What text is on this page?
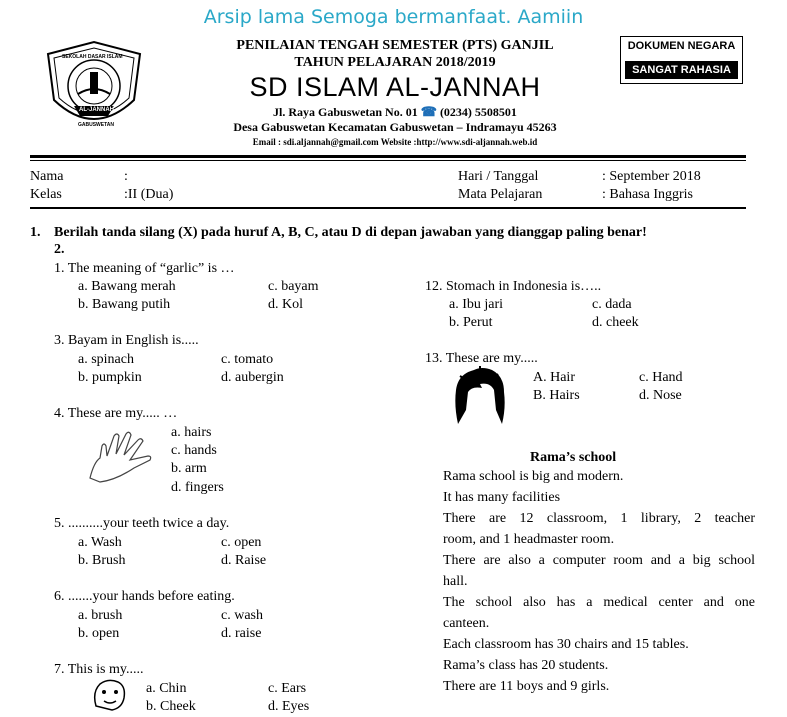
Arsip lama Semoga bermanfaat. Aamiin
SEKOLAH DASAR ISLAM
AL-JANNAH
GABUSWETAN
PENILAIAN TENGAH SEMESTER (PTS) GANJIL
TAHUN PELAJARAN 2018/2019
SD ISLAM AL-JANNAH
Jl. Raya Gabuswetan No. 01 ☎ (0234) 5508501
Desa Gabuswetan Kecamatan Gabuswetan – Indramayu 45263
Email : sdi.aljannah@gmail.com Website :http://www.sdi-aljannah.web.id
DOKUMEN NEGARA
SANGAT RAHASIA
Nama	:
Kelas	:II (Dua)
Hari / Tanggal	: September 2018
Mata Pelajaran	: Bahasa Inggris
1. Berilah tanda silang (X) pada huruf A, B, C, atau D di depan jawaban yang dianggap paling benar!
2.
1. The meaning of “garlic” is …
a. Bawang merah
b. Bawang putih
c. bayam
d. Kol
3. Bayam in English is.....
a. spinach
b. pumpkin
c. tomato
d. aubergin
4. These are my..... …
a. hairs
c. hands
b. arm
d. fingers
5. ..........your teeth twice a day.
a. Wash
b. Brush
c. open
d. Raise
6. .......your hands before eating.
a. brush
b. open
c. wash
d. raise
7. This is my.....
a. Chin
b. Cheek
c. Ears
d. Eyes
12. Stomach in Indonesia is…..
a. Ibu jari
b. Perut
c. dada
d. cheek
13. These are my.....
A. Hair
B. Hairs
c. Hand
d. Nose
Rama’s school
Rama school is big and modern.
It has many facilities
There are 12 classroom, 1 library, 2 teacher
room, and 1 headmaster room.
There are also a computer room and a big school
hall.
The school also has a medical center and one
canteen.
Each classroom has 30 chairs and 15 tables.
Rama’s class has 20 students.
There are 11 boys and 9 girls.
